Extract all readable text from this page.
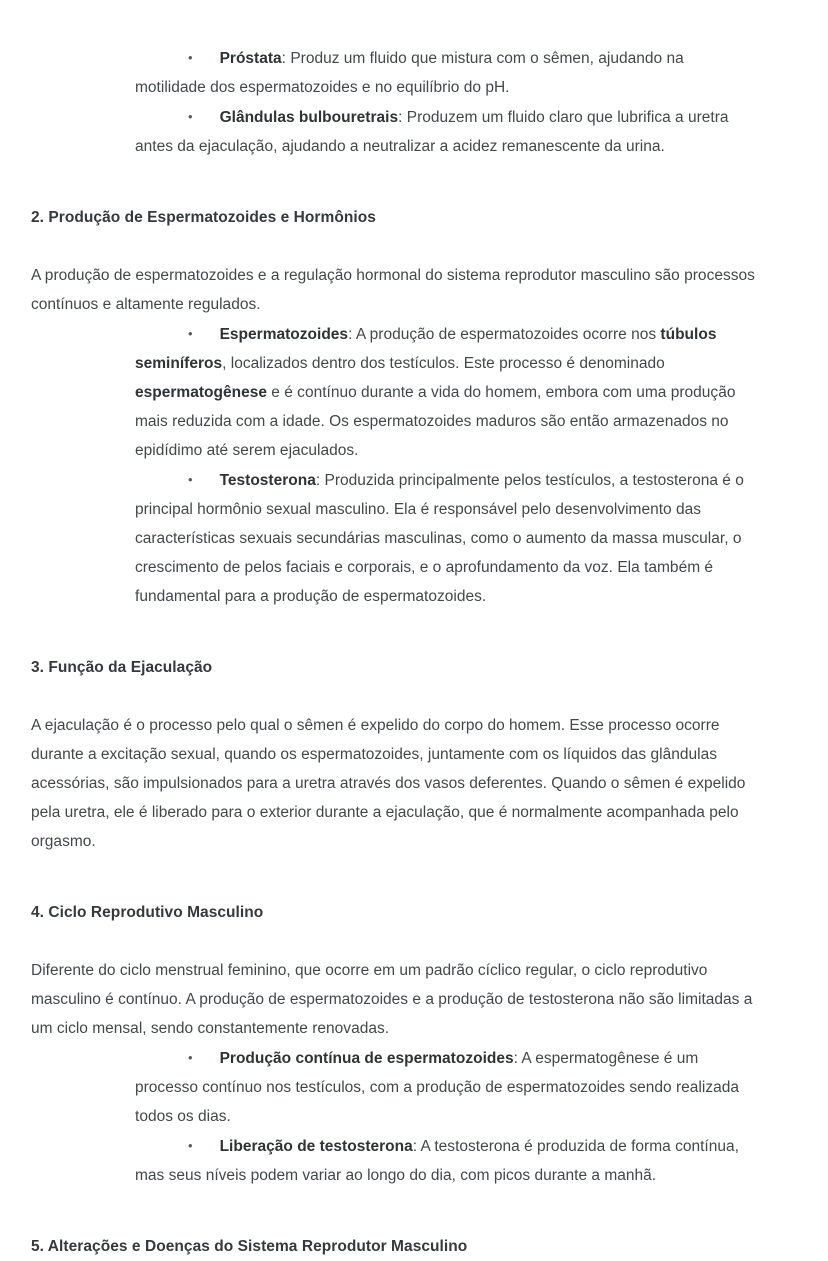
• Próstata: Produz um fluido que mistura com o sêmen, ajudando na motilidade dos espermatozoides e no equilíbrio do pH.
• Glândulas bulbouretrais: Produzem um fluido claro que lubrifica a uretra antes da ejaculação, ajudando a neutralizar a acidez remanescente da urina.
2. Produção de Espermatozoides e Hormônios
A produção de espermatozoides e a regulação hormonal do sistema reprodutor masculino são processos contínuos e altamente regulados.
• Espermatozoides: A produção de espermatozoides ocorre nos túbulos seminíferos, localizados dentro dos testículos. Este processo é denominado espermatogênese e é contínuo durante a vida do homem, embora com uma produção mais reduzida com a idade. Os espermatozoides maduros são então armazenados no epidídimo até serem ejaculados.
• Testosterona: Produzida principalmente pelos testículos, a testosterona é o principal hormônio sexual masculino. Ela é responsável pelo desenvolvimento das características sexuais secundárias masculinas, como o aumento da massa muscular, o crescimento de pelos faciais e corporais, e o aprofundamento da voz. Ela também é fundamental para a produção de espermatozoides.
3. Função da Ejaculação
A ejaculação é o processo pelo qual o sêmen é expelido do corpo do homem. Esse processo ocorre durante a excitação sexual, quando os espermatozoides, juntamente com os líquidos das glândulas acessórias, são impulsionados para a uretra através dos vasos deferentes. Quando o sêmen é expelido pela uretra, ele é liberado para o exterior durante a ejaculação, que é normalmente acompanhada pelo orgasmo.
4. Ciclo Reprodutivo Masculino
Diferente do ciclo menstrual feminino, que ocorre em um padrão cíclico regular, o ciclo reprodutivo masculino é contínuo. A produção de espermatozoides e a produção de testosterona não são limitadas a um ciclo mensal, sendo constantemente renovadas.
• Produção contínua de espermatozoides: A espermatogênese é um processo contínuo nos testículos, com a produção de espermatozoides sendo realizada todos os dias.
• Liberação de testosterona: A testosterona é produzida de forma contínua, mas seus níveis podem variar ao longo do dia, com picos durante a manhã.
5. Alterações e Doenças do Sistema Reprodutor Masculino
